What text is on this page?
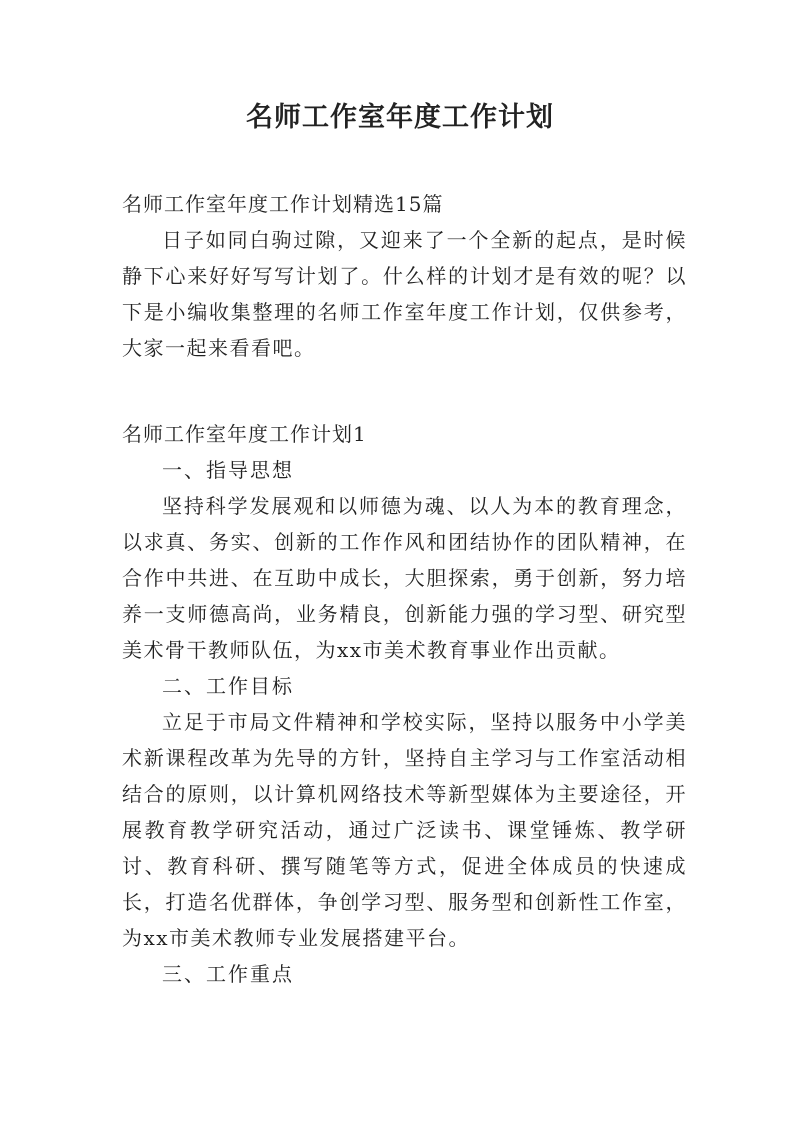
名师工作室年度工作计划

名师工作室年度工作计划精选15篇

日子如同白驹过隙，又迎来了一个全新的起点，是时候静下心来好好写写计划了。什么样的计划才是有效的呢？以下是小编收集整理的名师工作室年度工作计划，仅供参考，大家一起来看看吧。

名师工作室年度工作计划1

一、指导思想

坚持科学发展观和以师德为魂、以人为本的教育理念，以求真、务实、创新的工作作风和团结协作的团队精神，在合作中共进、在互助中成长，大胆探索，勇于创新，努力培养一支师德高尚，业务精良，创新能力强的学习型、研究型美术骨干教师队伍，为xx市美术教育事业作出贡献。

二、工作目标

立足于市局文件精神和学校实际，坚持以服务中小学美术新课程改革为先导的方针，坚持自主学习与工作室活动相结合的原则，以计算机网络技术等新型媒体为主要途径，开展教育教学研究活动，通过广泛读书、课堂锤炼、教学研讨、教育科研、撰写随笔等方式，促进全体成员的快速成长，打造名优群体，争创学习型、服务型和创新性工作室，为xx市美术教师专业发展搭建平台。

三、工作重点
